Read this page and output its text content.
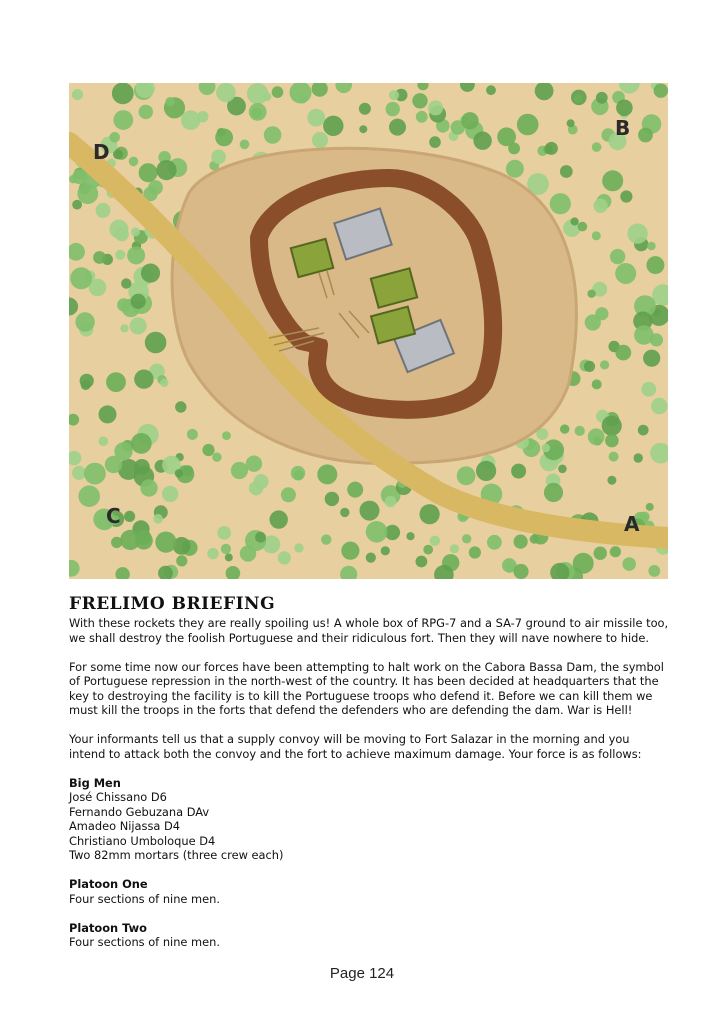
D
B
C	A
FRELIMO BRIEFING

With these rockets they are really spoiling us! A whole box of RPG-7 and a SA-7 ground to air missile too, we shall destroy the foolish Portuguese and their ridiculous fort. Then they will nave nowhere to hide.

For some time now our forces have been attempting to halt work on the Cabora Bassa Dam, the symbol of Portuguese repression in the north-west of the country. It has been decided at headquarters that the key to destroying the facility is to kill the Portuguese troops who defend it. Before we can kill them we must kill the troops in the forts that defend the defenders who are defending the dam. War is Hell!

Your informants tell us that a supply convoy will be moving to Fort Salazar in the morning and you intend to attack both the convoy and the fort to achieve maximum damage. Your force is as follows:

Big Men
José Chissano D6
Fernando Gebuzana DAv
Amadeo Nijassa D4
Christiano Umboloque D4
Two 82mm mortars (three crew each)

Platoon One
Four sections of nine men.

Platoon Two
Four sections of nine men.

Page 124
